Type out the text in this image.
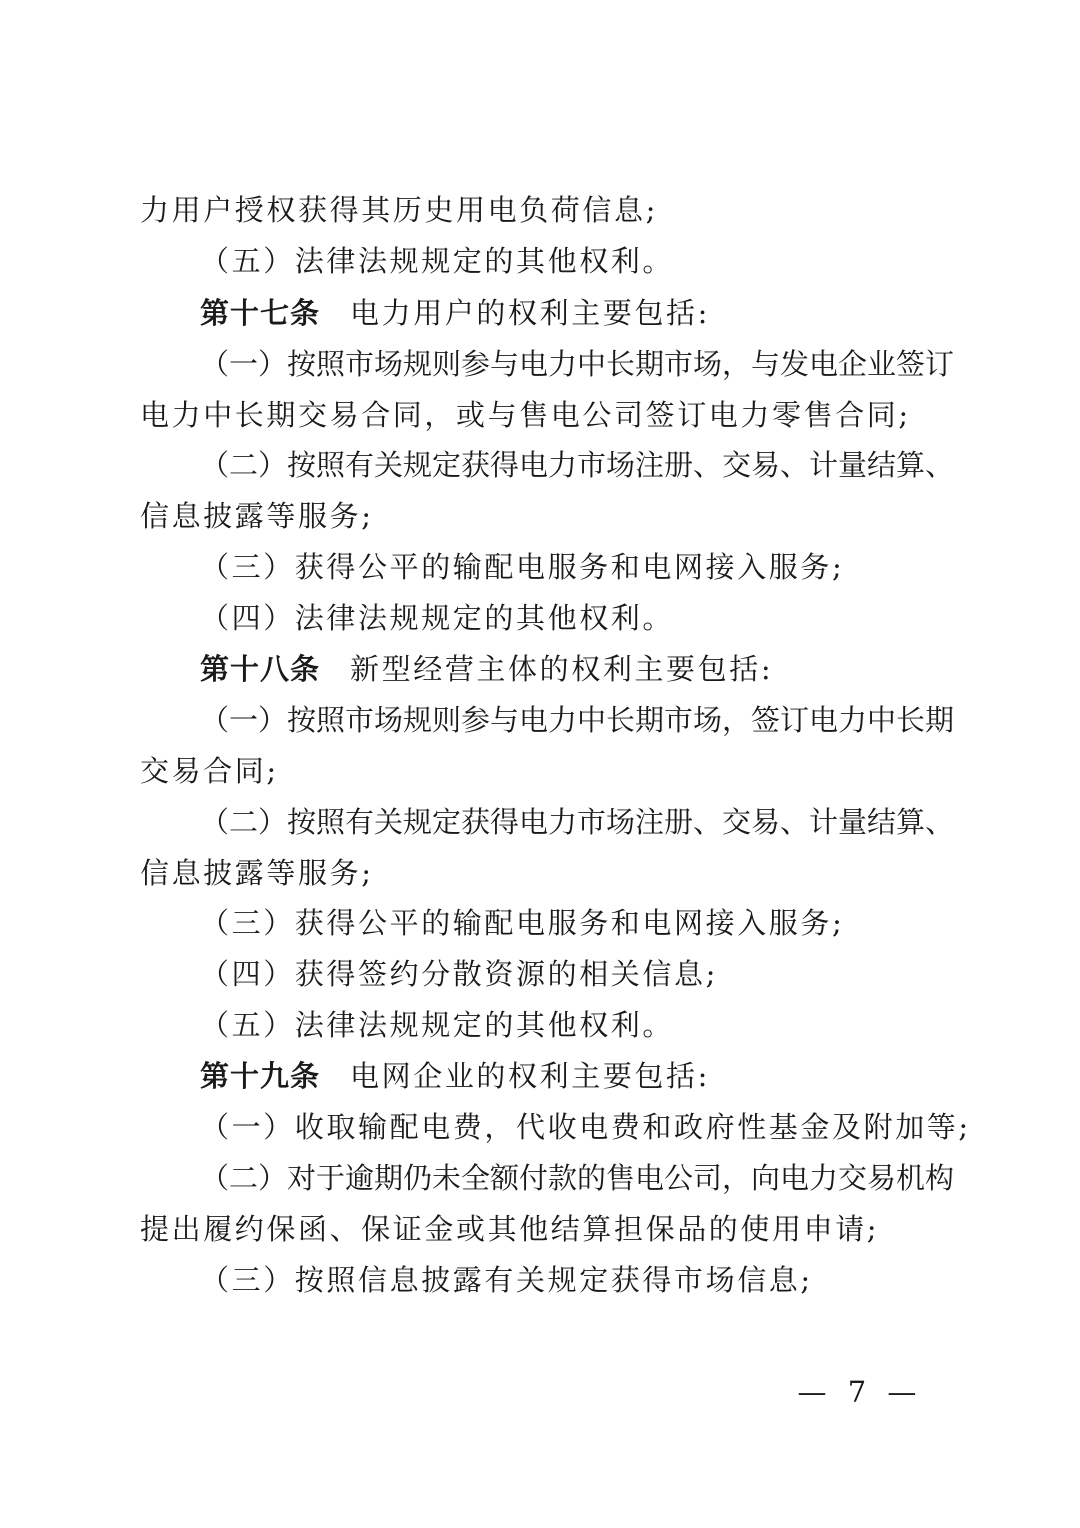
力用户授权获得其历史用电负荷信息;
（五）法律法规规定的其他权利。
第十七条 电力用户的权利主要包括:
（一）按照市场规则参与电力中长期市场，与发电企业签订
电力中长期交易合同，或与售电公司签订电力零售合同;
（二）按照有关规定获得电力市场注册、交易、计量结算、
信息披露等服务;
（三）获得公平的输配电服务和电网接入服务;
（四）法律法规规定的其他权利。
第十八条 新型经营主体的权利主要包括:
（一）按照市场规则参与电力中长期市场，签订电力中长期
交易合同;
（二）按照有关规定获得电力市场注册、交易、计量结算、
信息披露等服务;
（三）获得公平的输配电服务和电网接入服务;
（四）获得签约分散资源的相关信息;
（五）法律法规规定的其他权利。
第十九条 电网企业的权利主要包括:
（一）收取输配电费，代收电费和政府性基金及附加等;
（二）对于逾期仍未全额付款的售电公司，向电力交易机构
提出履约保函、保证金或其他结算担保品的使用申请;
（三）按照信息披露有关规定获得市场信息;
— 7 —
